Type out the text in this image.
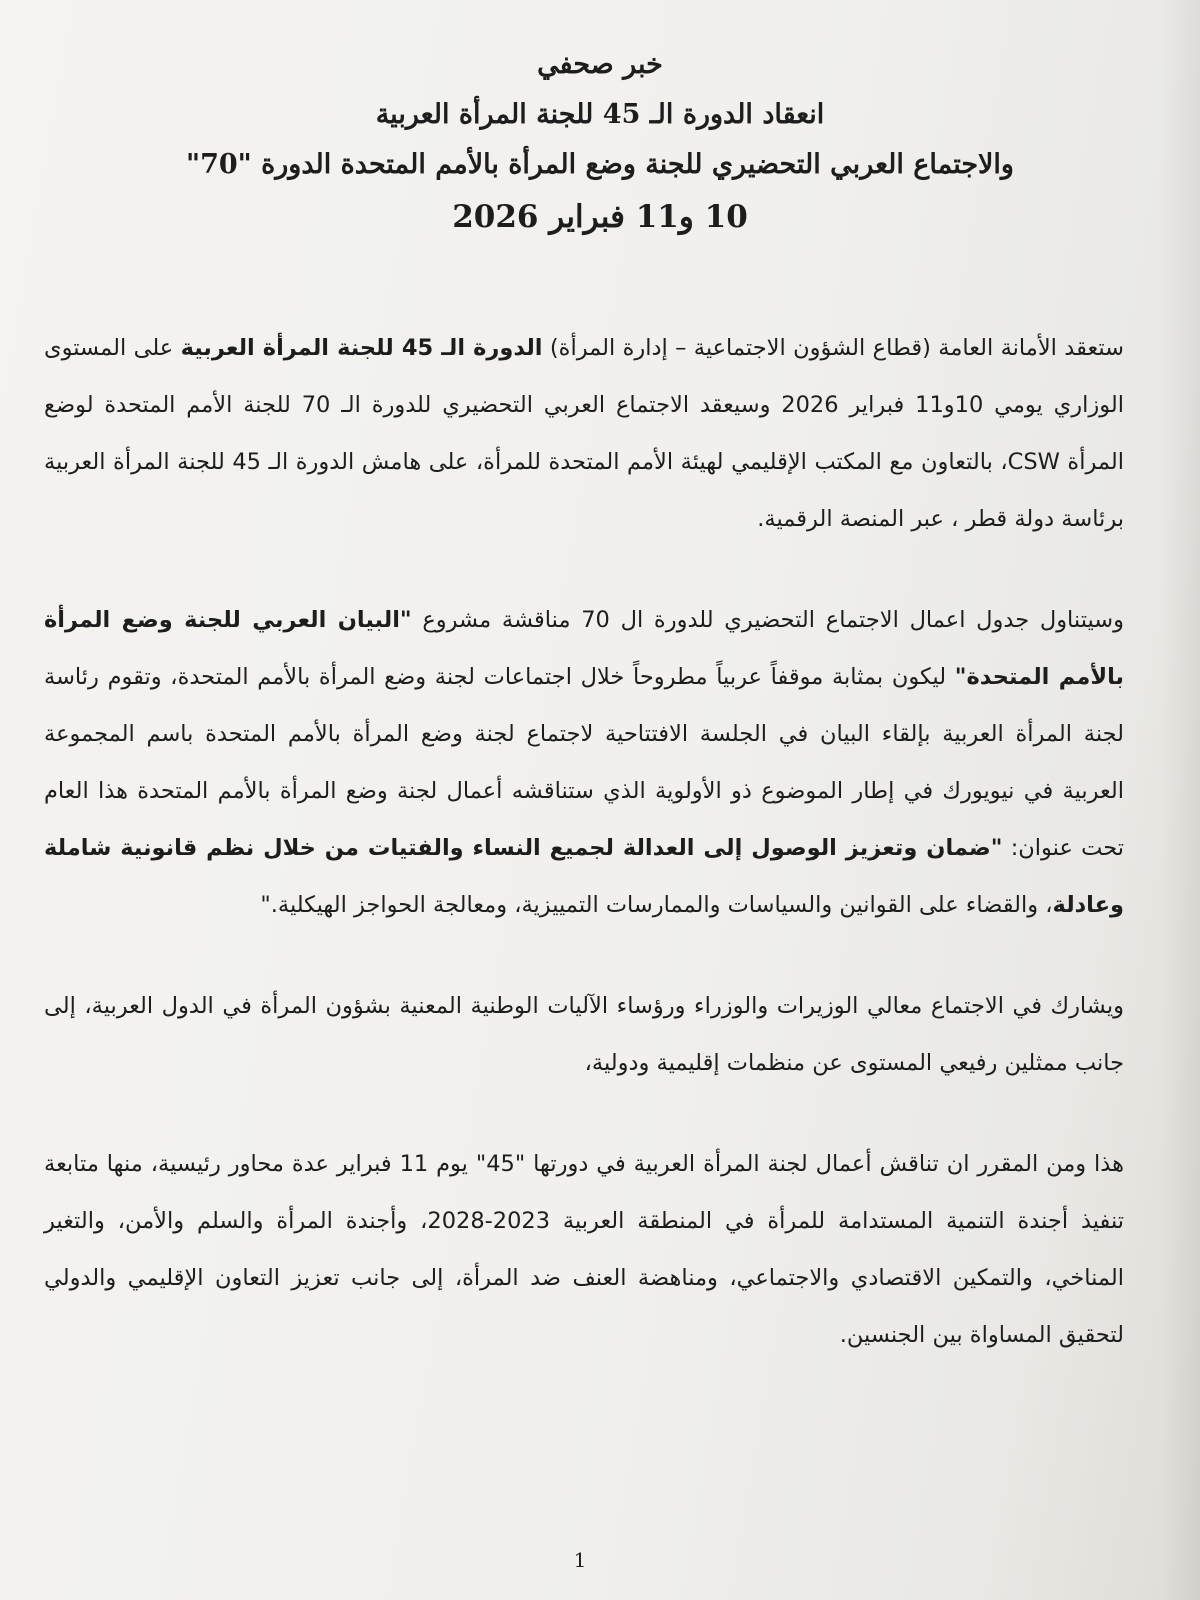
خبر صحفي
انعقاد الدورة الـ 45 للجنة المرأة العربية
والاجتماع العربي التحضيري للجنة وضع المرأة بالأمم المتحدة الدورة "70"
10 و11 فبراير 2026

ستعقد الأمانة العامة (قطاع الشؤون الاجتماعية – إدارة المرأة) الدورة الـ 45 للجنة المرأة العربية على المستوى الوزاري يومي 10و11 فبراير 2026 وسيعقد الاجتماع العربي التحضيري للدورة الـ 70 للجنة الأمم المتحدة لوضع المرأة CSW، بالتعاون مع المكتب الإقليمي لهيئة الأمم المتحدة للمرأة، على هامش الدورة الـ 45 للجنة المرأة العربية برئاسة دولة قطر ، عبر المنصة الرقمية.

وسيتناول جدول اعمال الاجتماع التحضيري للدورة ال 70 مناقشة مشروع "البيان العربي للجنة وضع المرأة بالأمم المتحدة" ليكون بمثابة موقفاً عربياً مطروحاً خلال اجتماعات لجنة وضع المرأة بالأمم المتحدة، وتقوم رئاسة لجنة المرأة العربية بإلقاء البيان في الجلسة الافتتاحية لاجتماع لجنة وضع المرأة بالأمم المتحدة باسم المجموعة العربية في نيويورك في إطار الموضوع ذو الأولوية الذي ستناقشه أعمال لجنة وضع المرأة بالأمم المتحدة هذا العام تحت عنوان: "ضمان وتعزيز الوصول إلى العدالة لجميع النساء والفتيات من خلال نظم قانونية شاملة وعادلة، والقضاء على القوانين والسياسات والممارسات التمييزية، ومعالجة الحواجز الهيكلية."

ويشارك في الاجتماع معالي الوزيرات والوزراء ورؤساء الآليات الوطنية المعنية بشؤون المرأة في الدول العربية، إلى جانب ممثلين رفيعي المستوى عن منظمات إقليمية ودولية،

هذا ومن المقرر ان تناقش أعمال لجنة المرأة العربية في دورتها "45" يوم 11 فبراير عدة محاور رئيسية، منها متابعة تنفيذ أجندة التنمية المستدامة للمرأة في المنطقة العربية 2023-2028، وأجندة المرأة والسلم والأمن، والتغير المناخي، والتمكين الاقتصادي والاجتماعي، ومناهضة العنف ضد المرأة، إلى جانب تعزيز التعاون الإقليمي والدولي لتحقيق المساواة بين الجنسين.

1
